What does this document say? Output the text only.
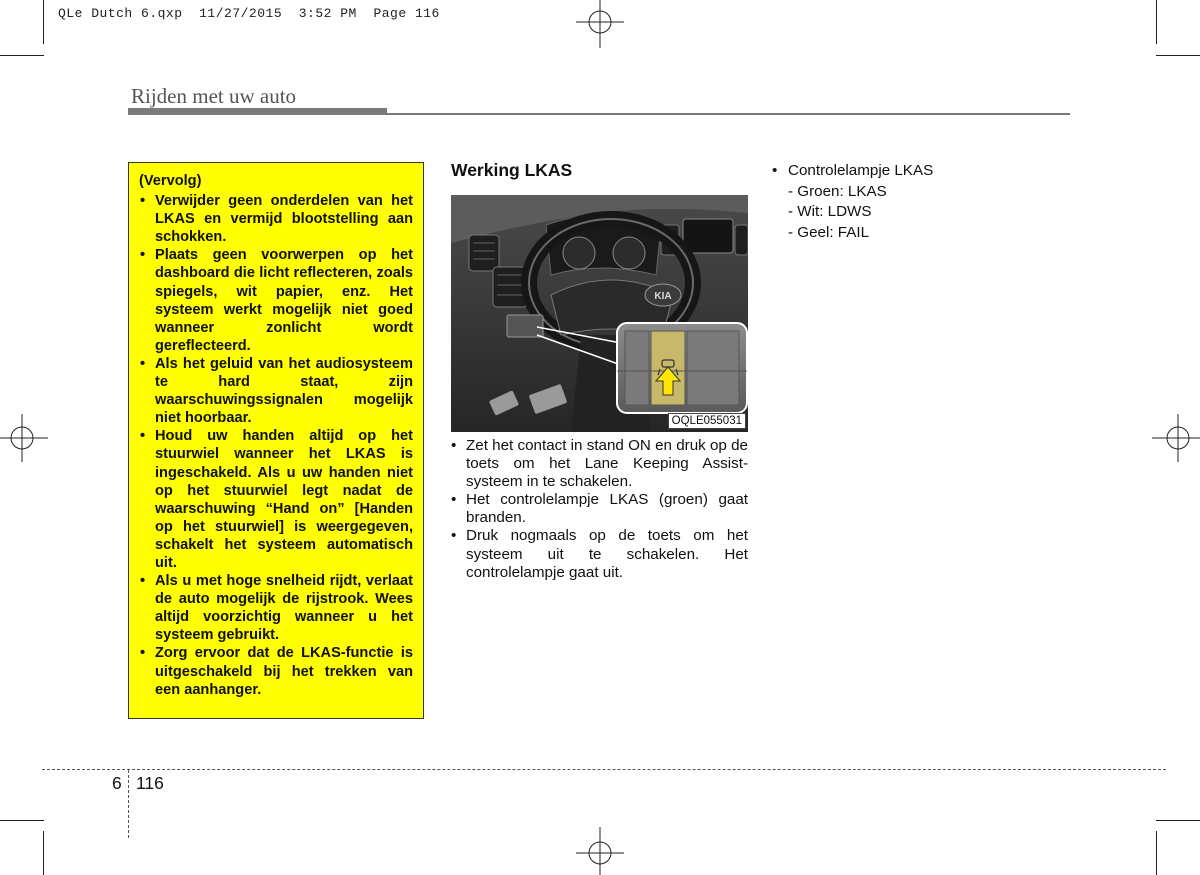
QLe Dutch 6.qxp  11/27/2015  3:52 PM  Page 116
Rijden met uw auto
(Vervolg)
• Verwijder geen onderdelen van het LKAS en vermijd blootstelling aan schokken.
• Plaats geen voorwerpen op het dashboard die licht reflecteren, zoals spiegels, wit papier, enz. Het systeem werkt mogelijk niet goed wanneer zonlicht wordt gereflecteerd.
• Als het geluid van het audiosysteem te hard staat, zijn waarschuwingssignalen mogelijk niet hoorbaar.
• Houd uw handen altijd op het stuurwiel wanneer het LKAS is ingeschakeld. Als u uw handen niet op het stuurwiel legt nadat de waarschuwing “Hand on” [Handen op het stuurwiel] is weergegeven, schakelt het systeem automatisch uit.
• Als u met hoge snelheid rijdt, verlaat de auto mogelijk de rijstrook. Wees altijd voorzichtig wanneer u het systeem gebruikt.
• Zorg ervoor dat de LKAS-functie is uitgeschakeld bij het trekken van een aanhanger.
Werking LKAS
KIA
OQLE055031
• Zet het contact in stand ON en druk op de toets om het Lane Keeping Assist-systeem in te schakelen.
• Het controlelampje LKAS (groen) gaat branden.
• Druk nogmaals op de toets om het systeem uit te schakelen. Het controlelampje gaat uit.
• Controlelampje LKAS
- Groen: LKAS
- Wit: LDWS
- Geel: FAIL
6 116
